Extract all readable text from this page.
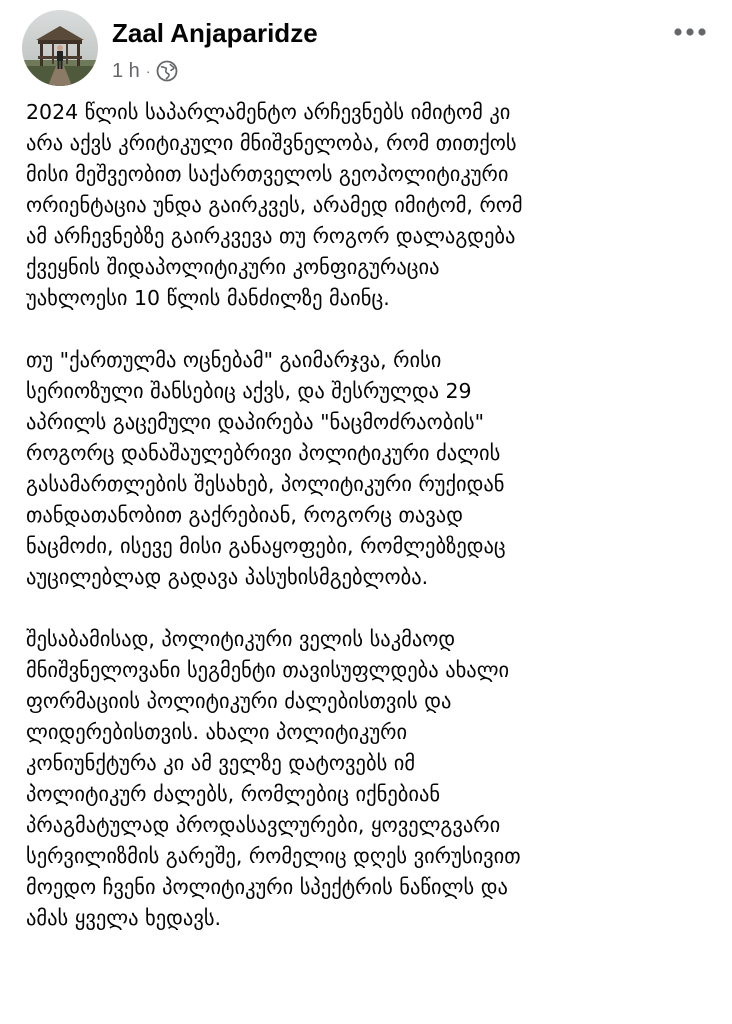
Zaal Anjaparidze
1 h ·

2024 წლის საპარლამენტო არჩევნებს იმიტომ კი
არა აქვს კრიტიკული მნიშვნელობა, რომ თითქოს
მისი მეშვეობით საქართველოს გეოპოლიტიკური
ორიენტაცია უნდა გაირკვეს, არამედ იმიტომ, რომ
ამ არჩევნებზე გაირკვევა თუ როგორ დალაგდება
ქვეყნის შიდაპოლიტიკური კონფიგურაცია
უახლოესი 10 წლის მანძილზე მაინც.

თუ "ქართულმა ოცნებამ" გაიმარჯვა, რისი
სერიოზული შანსებიც აქვს, და შესრულდა 29
აპრილს გაცემული დაპირება "ნაცმოძრაობის"
როგორც დანაშაულებრივი პოლიტიკური ძალის
გასამართლების შესახებ, პოლიტიკური რუქიდან
თანდათანობით გაქრებიან, როგორც თავად
ნაცმოძი, ისევე მისი განაყოფები, რომლებზედაც
აუცილებლად გადავა პასუხისმგებლობა.

შესაბამისად, პოლიტიკური ველის საკმაოდ
მნიშვნელოვანი სეგმენტი თავისუფლდება ახალი
ფორმაციის პოლიტიკური ძალებისთვის და
ლიდერებისთვის. ახალი პოლიტიკური
კონიუნქტურა კი ამ ველზე დატოვებს იმ
პოლიტიკურ ძალებს, რომლებიც იქნებიან
პრაგმატულად პროდასავლურები, ყოველგვარი
სერვილიზმის გარეშე, რომელიც დღეს ვირუსივით
მოედო ჩვენი პოლიტიკური სპექტრის ნაწილს და
ამას ყველა ხედავს.
